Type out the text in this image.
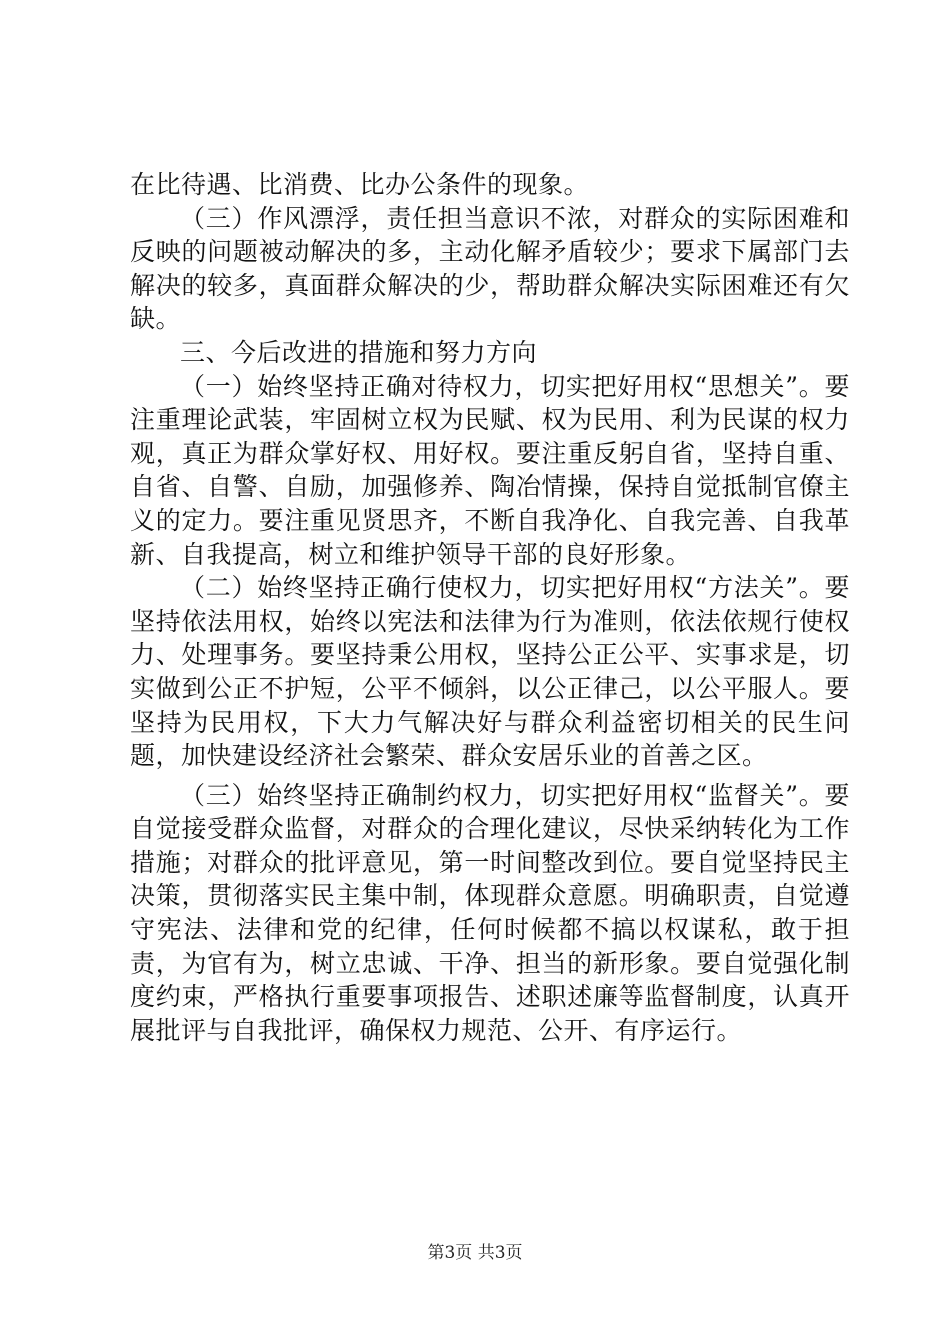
在比待遇、比消费、比办公条件的现象。

（三）作风漂浮，责任担当意识不浓，对群众的实际困难和反映的问题被动解决的多，主动化解矛盾较少；要求下属部门去解决的较多，真面群众解决的少，帮助群众解决实际困难还有欠缺。

三、今后改进的措施和努力方向

（一）始终坚持正确对待权力，切实把好用权“思想关”。要注重理论武装，牢固树立权为民赋、权为民用、利为民谋的权力观，真正为群众掌好权、用好权。要注重反躬自省，坚持自重、自省、自警、自励，加强修养、陶冶情操，保持自觉抵制官僚主义的定力。要注重见贤思齐，不断自我净化、自我完善、自我革新、自我提高，树立和维护领导干部的良好形象。

（二）始终坚持正确行使权力，切实把好用权“方法关”。要坚持依法用权，始终以宪法和法律为行为准则，依法依规行使权力、处理事务。要坚持秉公用权，坚持公正公平、实事求是，切实做到公正不护短，公平不倾斜，以公正律己，以公平服人。要坚持为民用权，下大力气解决好与群众利益密切相关的民生问题，加快建设经济社会繁荣、群众安居乐业的首善之区。

（三）始终坚持正确制约权力，切实把好用权“监督关”。要自觉接受群众监督，对群众的合理化建议，尽快采纳转化为工作措施；对群众的批评意见，第一时间整改到位。要自觉坚持民主决策，贯彻落实民主集中制，体现群众意愿。明确职责，自觉遵守宪法、法律和党的纪律，任何时候都不搞以权谋私，敢于担责，为官有为，树立忠诚、干净、担当的新形象。要自觉强化制度约束，严格执行重要事项报告、述职述廉等监督制度，认真开展批评与自我批评，确保权力规范、公开、有序运行。

第3页 共3页
